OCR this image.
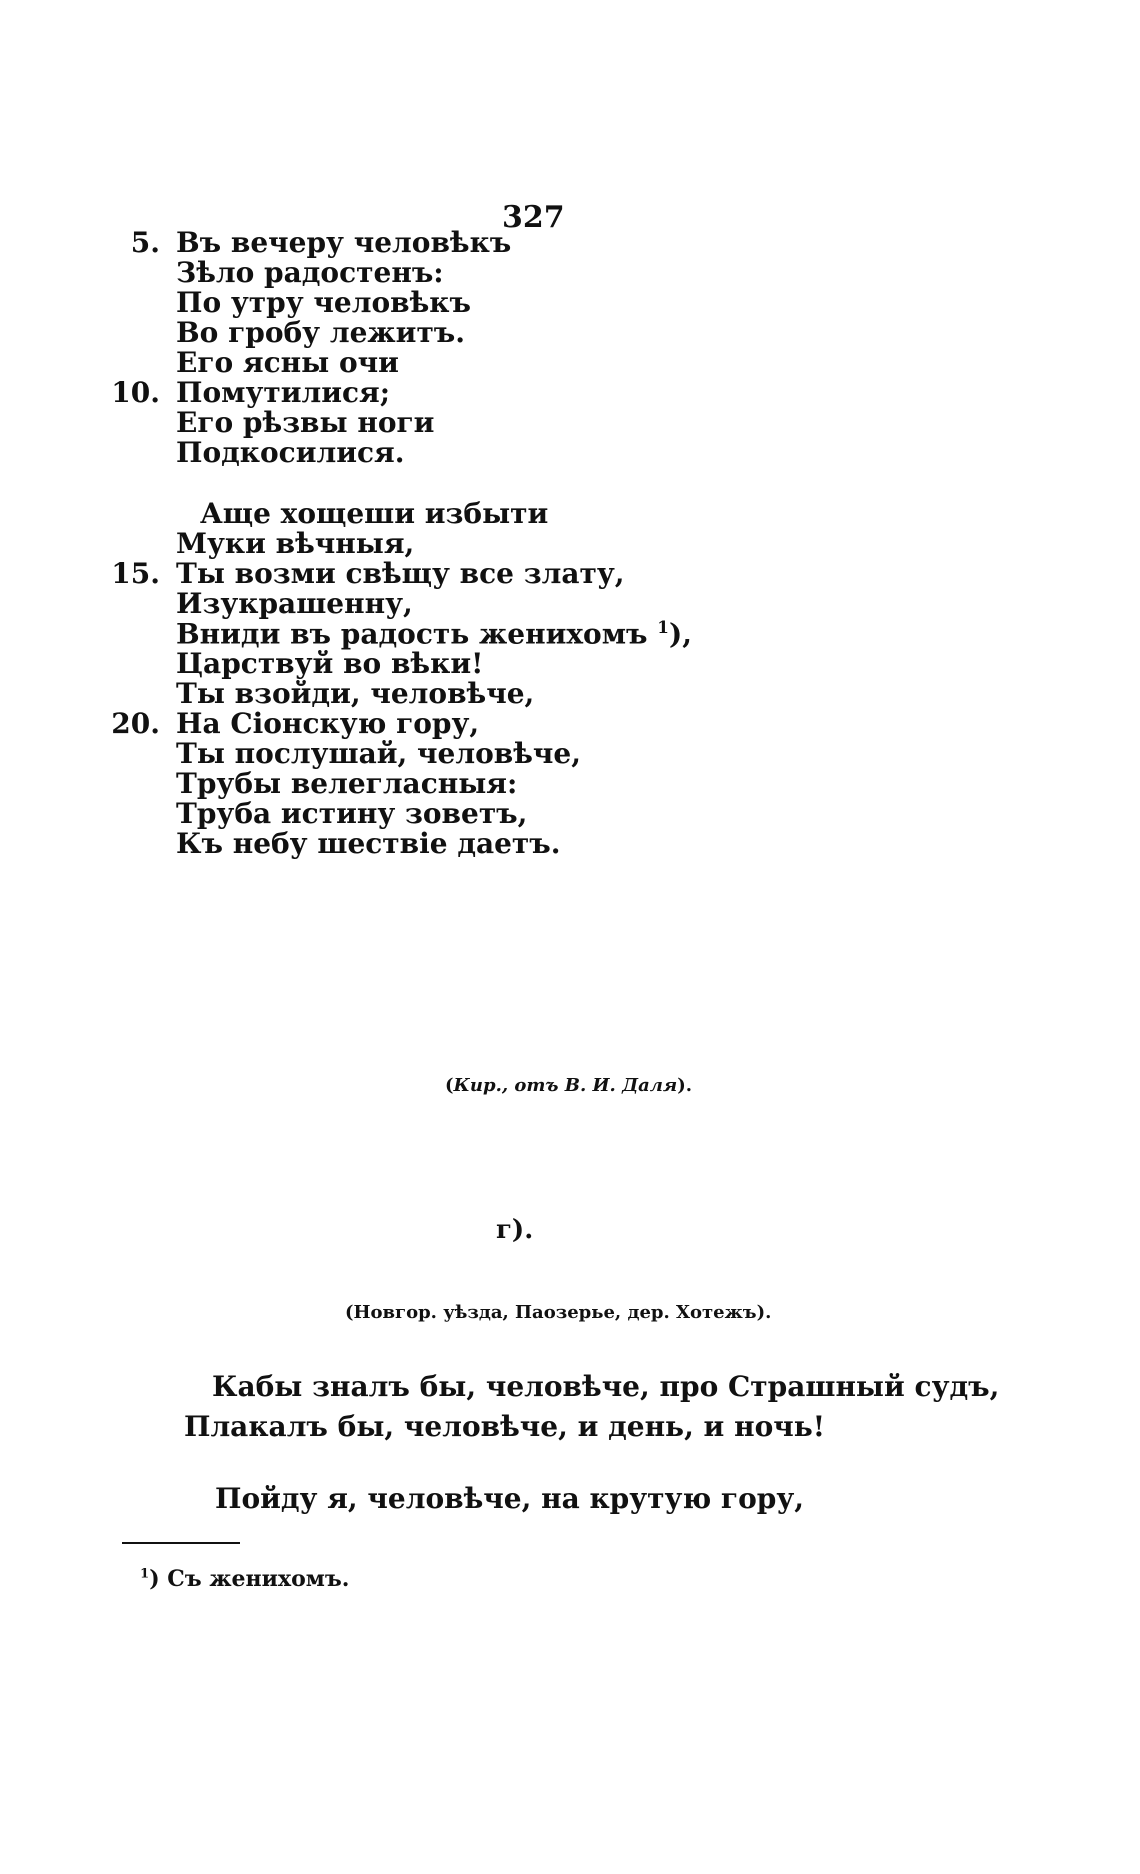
327
5. Въ вечеру человѣкъ
Зѣло радостенъ:
По утру человѣкъ
Во гробу лежитъ.
Его ясны очи
10. Помутилися;
Его рѣзвы ноги
Подкосилися.
Аще хощеши избыти
Муки вѣчныя,
15. Ты возми свѣщу все злату,
Изукрашенну,
Вниди въ радость женихомъ $^1$),
Царствуй во вѣки!
Ты взойди, человѣче,
20. На Сіонскую гору,
Ты послушай, человѣче,
Трубы велегласныя:
Труба истину зоветъ,
Къ небу шествіе даетъ.
(Кир., отъ В. И. Даля).
г).
(Новгор. уѣзда, Паозерье, дер. Хотежъ).
Кабы зналъ бы, человѣче, про Страшный судъ,
Плакалъ бы, человѣче, и день, и ночь!
Пойду я, человѣче, на крутую гору,
$^1$) Съ женихомъ.
